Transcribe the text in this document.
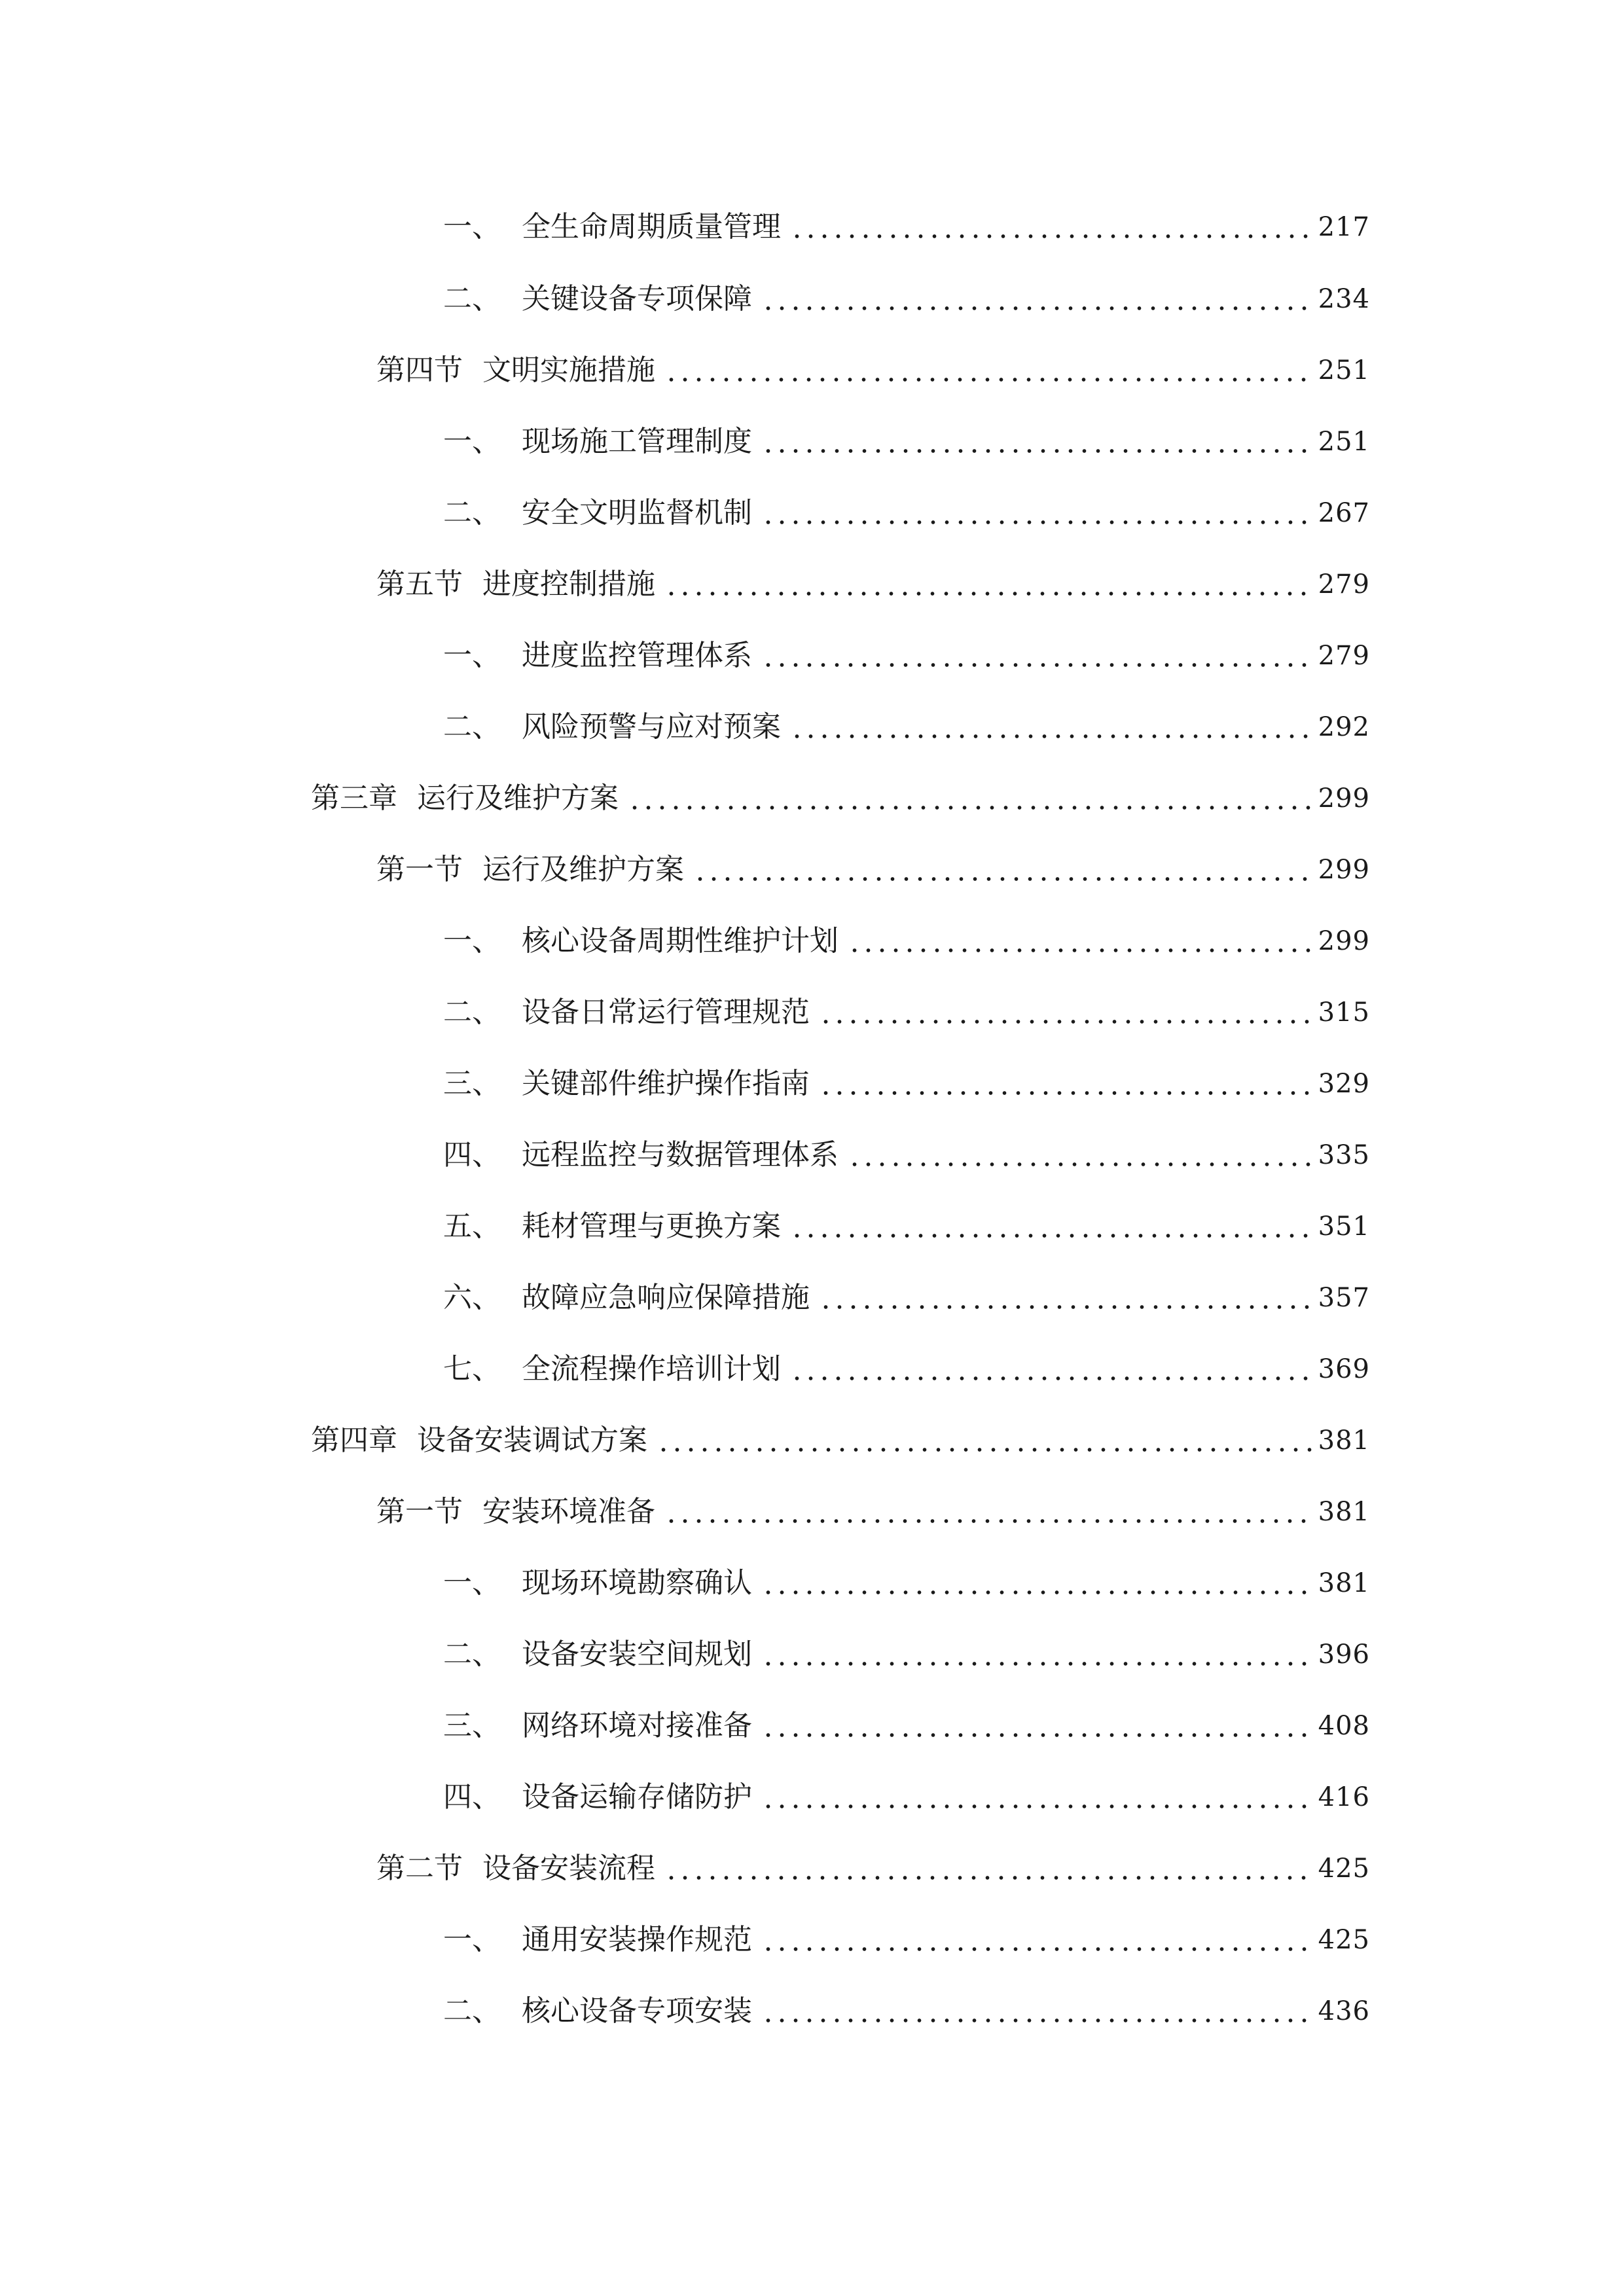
一、 全生命周期质量管理	217
二、 关键设备专项保障	234
第四节 文明实施措施	251
一、 现场施工管理制度	251
二、 安全文明监督机制	267
第五节 进度控制措施	279
一、 进度监控管理体系	279
二、 风险预警与应对预案	292
第三章 运行及维护方案	299
第一节 运行及维护方案	299
一、 核心设备周期性维护计划	299
二、 设备日常运行管理规范	315
三、 关键部件维护操作指南	329
四、 远程监控与数据管理体系	335
五、 耗材管理与更换方案	351
六、 故障应急响应保障措施	357
七、 全流程操作培训计划	369
第四章 设备安装调试方案	381
第一节 安装环境准备	381
一、 现场环境勘察确认	381
二、 设备安装空间规划	396
三、 网络环境对接准备	408
四、 设备运输存储防护	416
第二节 设备安装流程	425
一、 通用安装操作规范	425
二、 核心设备专项安装	436
